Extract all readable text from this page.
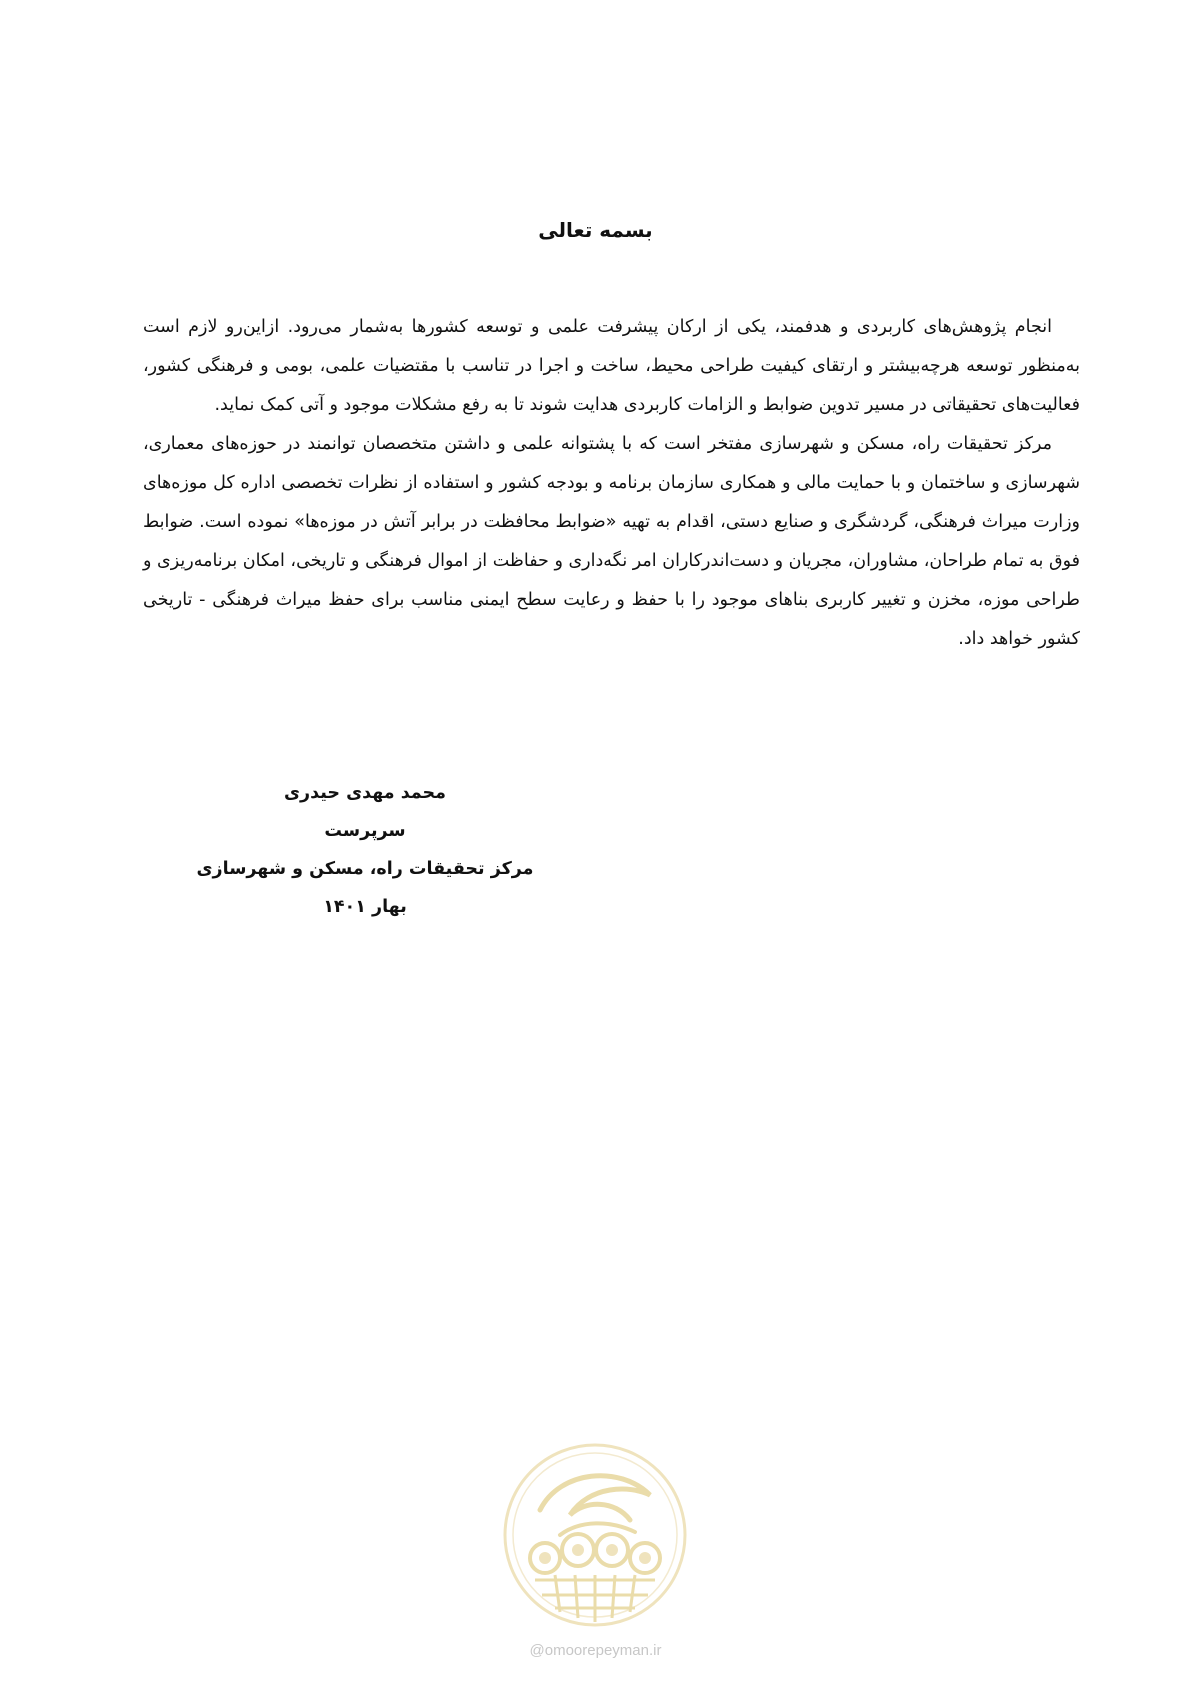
بسمه تعالی

انجام پژوهش‌های کاربردی و هدفمند، یکی از ارکان پیشرفت علمی و توسعه کشورها به‌شمار می‌رود. ازاین‌رو لازم است به‌منظور توسعه هرچه‌بیشتر و ارتقای کیفیت طراحی محیط، ساخت و اجرا در تناسب با مقتضیات علمی، بومی و فرهنگی کشور، فعالیت‌های تحقیقاتی در مسیر تدوین ضوابط و الزامات کاربردی هدایت شوند تا به رفع مشکلات موجود و آتی کمک نماید.

مرکز تحقیقات راه، مسکن و شهرسازی مفتخر است که با پشتوانه علمی و داشتن متخصصان توانمند در حوزه‌های معماری، شهرسازی و ساختمان و با حمایت مالی و همکاری سازمان برنامه و بودجه کشور و استفاده از نظرات تخصصی اداره کل موزه‌های وزارت میراث فرهنگی، گردشگری و صنایع دستی، اقدام به تهیه «ضوابط محافظت در برابر آتش در موزه‌ها» نموده است. ضوابط فوق به تمام طراحان، مشاوران، مجریان و دست‌اندرکاران امر نگه‌داری و حفاظت از اموال فرهنگی و تاریخی، امکان برنامه‌ریزی و طراحی موزه، مخزن و تغییر کاربری بناهای موجود را با حفظ و رعایت سطح ایمنی مناسب برای حفظ میراث فرهنگی - تاریخی کشور خواهد داد.

محمد مهدی حیدری
سرپرست
مرکز تحقیقات راه، مسکن و شهرسازی
بهار ۱۴۰۱
@omoorepeyman.ir
